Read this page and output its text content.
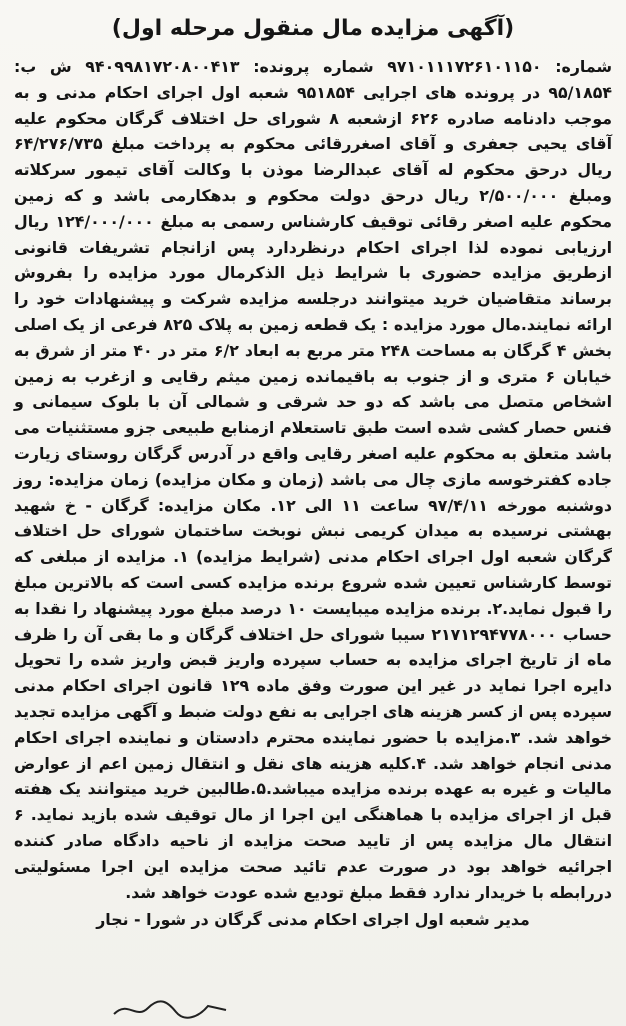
(آگهی مزایده مال منقول مرحله اول)

شماره: ۹۷۱۰۱۱۱۷۲۶۱۰۱۱۵۰ شماره پرونده: ۹۴۰۹۹۸۱۷۲۰۸۰۰۴۱۳ ش ب: ۹۵/۱۸۵۴ در پرونده های اجرایی ۹۵۱۸۵۴ شعبه اول اجرای احکام مدنی و به موجب دادنامه صادره ۶۲۶ ازشعبه ۸ شورای حل اختلاف گرگان محکوم علیه آقای یحیی جعفری و آقای اصغررقائی محکوم به پرداخت مبلغ ۶۴/۲۷۶/۷۳۵ ریال درحق محکوم له آقای عبدالرضا موذن با وکالت آقای تیمور سرکلاته ومبلغ ۲/۵۰۰/۰۰۰ ریال درحق دولت محکوم و بدهکارمی باشد و که زمین محکوم علیه اصغر رقائی توقیف کارشناس رسمی به مبلغ ۱۲۴/۰۰۰/۰۰۰ ریال ارزیابی نموده لذا اجرای احکام درنظردارد پس ازانجام تشریفات قانونی ازطریق مزایده حضوری با شرایط ذیل الذکرمال مورد مزایده را بفروش برساند متقاضیان خرید میتوانند درجلسه مزایده شرکت و پیشنهادات خود را ارائه نمایند.مال مورد مزایده : یک قطعه زمین به پلاک ۸۲۵ فرعی از یک اصلی بخش ۴ گرگان به مساحت ۲۴۸ متر مربع به ابعاد ۶/۲ متر در ۴۰ متر از شرق به خیابان ۶ متری و از جنوب به باقیمانده زمین میثم رقایی و ازغرب به زمین اشخاص متصل می باشد که دو حد شرقی و شمالی آن با بلوک سیمانی و فنس حصار کشی شده است طبق تاستعلام ازمنابع طبیعی جزو مستثنیات می باشد متعلق به محکوم علیه اصغر رقایی واقع در آدرس گرگان روستای زیارت جاده کفترخوسه مازی چال می باشد (زمان و مکان مزایده) زمان مزایده: روز دوشنبه مورخه ۹۷/۴/۱۱ ساعت ۱۱ الی ۱۲. مکان مزایده: گرگان - خ شهید بهشتی نرسیده به میدان کریمی نبش نوبخت ساختمان شورای حل اختلاف گرگان شعبه اول اجرای احکام مدنی (شرایط مزایده) ۱. مزایده از مبلغی که توسط کارشناس تعیین شده شروع برنده مزایده کسی است که بالاترین مبلغ را قبول نماید.۲. برنده مزایده میبایست ۱۰ درصد مبلغ مورد پیشنهاد را نقدا به حساب ۲۱۷۱۲۹۴۷۷۸۰۰۰ سیبا شورای حل اختلاف گرگان و ما بقی آن را ظرف ماه از تاریخ اجرای مزایده به حساب سپرده واریز قبض واریز شده را تحویل دایره اجرا نماید در غیر این صورت وفق ماده ۱۲۹ قانون اجرای احکام مدنی سپرده پس از کسر هزینه های اجرایی به نفع دولت ضبط و آگهی مزایده تجدید خواهد شد. ۳.مزایده با حضور نماینده محترم دادستان و نماینده اجرای احکام مدنی انجام خواهد شد. ۴.کلیه هزینه های نقل و انتقال زمین اعم از عوارض مالیات و غیره به عهده برنده مزایده میباشد.۵.طالبین خرید میتوانند یک هفته قبل از اجرای مزایده با هماهنگی این اجرا از مال توقیف شده بازید نماید. ۶ انتقال مال مزایده پس از تایید صحت مزایده از ناحیه دادگاه صادر کننده اجرائیه خواهد بود در صورت عدم تائید صحت مزایده این اجرا مسئولیتی دررابطه با خریدار ندارد فقط مبلغ تودیع شده عودت خواهد شد.

مدیر شعبه اول اجرای احکام مدنی گرگان در شورا - نجار
